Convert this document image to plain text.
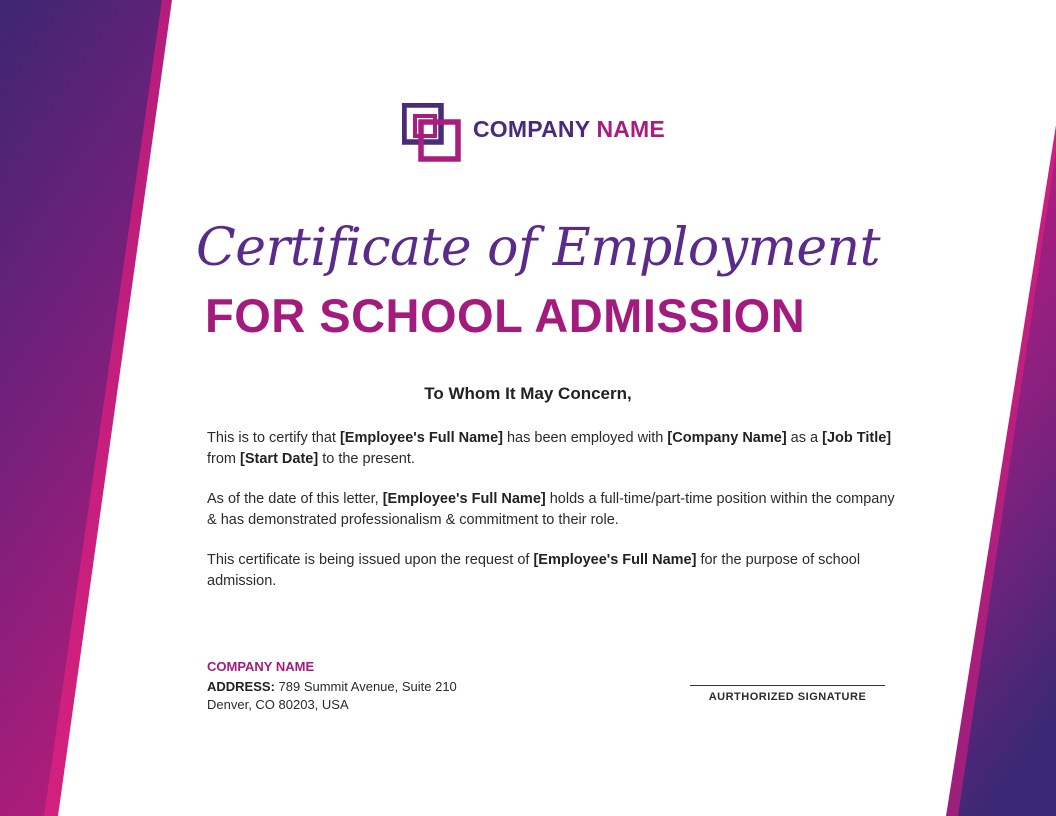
COMPANY NAME
Certificate of Employment
FOR SCHOOL ADMISSION
To Whom It May Concern,

This is to certify that [Employee's Full Name] has been employed with [Company Name] as a [Job Title] from [Start Date] to the present.

As of the date of this letter, [Employee's Full Name] holds a full-time/part-time position within the company & has demonstrated professionalism & commitment to their role.

This certificate is being issued upon the request of [Employee's Full Name] for the purpose of school admission.

COMPANY NAME
ADDRESS: 789 Summit Avenue, Suite 210
Denver, CO 80203, USA	AURTHORIZED SIGNATURE
